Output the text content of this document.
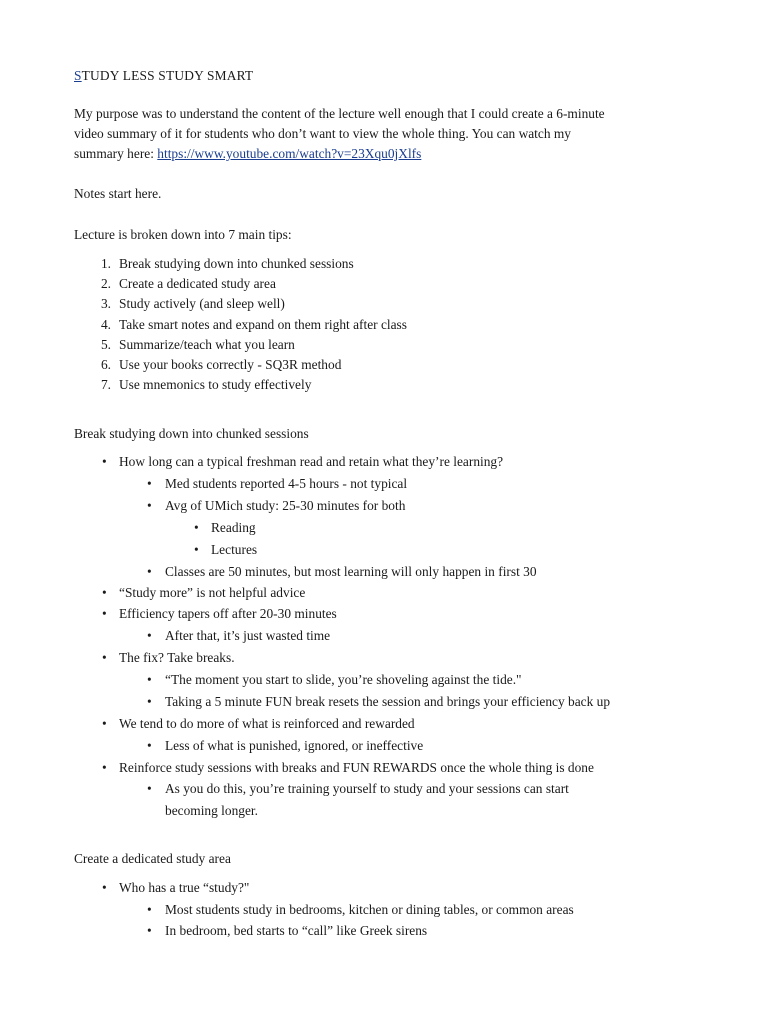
STUDY LESS STUDY SMART
My purpose was to understand the content of the lecture well enough that I could create a 6-minute
video summary of it for students who don’t want to view the whole thing. You can watch my
summary here: https://www.youtube.com/watch?v=23Xqu0jXlfs
Notes start here.
Lecture is broken down into 7 main tips:
1. Break studying down into chunked sessions
2. Create a dedicated study area
3. Study actively (and sleep well)
4. Take smart notes and expand on them right after class
5. Summarize/teach what you learn
6. Use your books correctly - SQ3R method
7. Use mnemonics to study effectively
Break studying down into chunked sessions
•
How long can a typical freshman read and retain what they’re learning?
•
Med students reported 4-5 hours - not typical
•
Avg of UMich study: 25-30 minutes for both
•
Reading
•
Lectures
•
Classes are 50 minutes, but most learning will only happen in first 30
•
“Study more” is not helpful advice
•
Efficiency tapers off after 20-30 minutes
•
After that, it’s just wasted time
•
The fix? Take breaks.
•
“The moment you start to slide, you’re shoveling against the tide."
•
Taking a 5 minute FUN break resets the session and brings your efficiency back up
•
We tend to do more of what is reinforced and rewarded
•
Less of what is punished, ignored, or ineffective
•
Reinforce study sessions with breaks and FUN REWARDS once the whole thing is done
•
As you do this, you’re training yourself to study and your sessions can start
becoming longer.
Create a dedicated study area
•
Who has a true “study?"
•
Most students study in bedrooms, kitchen or dining tables, or common areas
•
In bedroom, bed starts to “call” like Greek sirens
